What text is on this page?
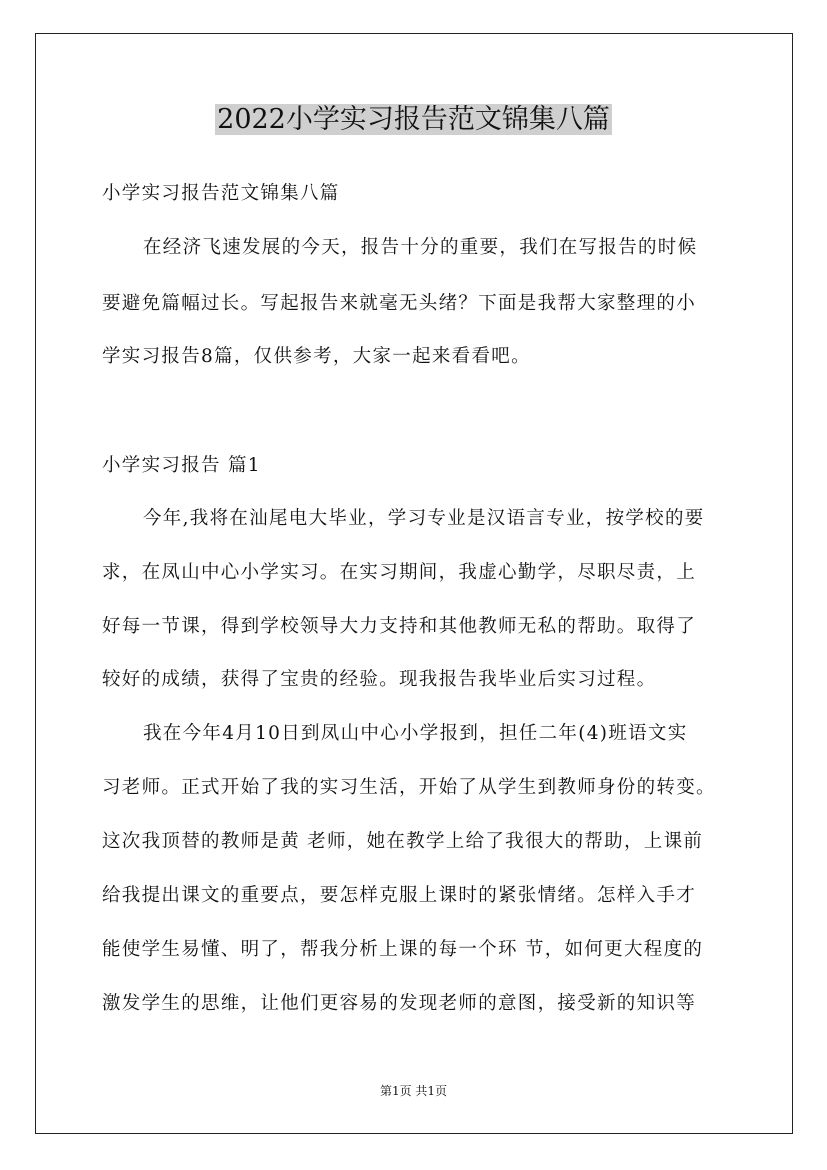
2022小学实习报告范文锦集八篇
小学实习报告范文锦集八篇
在经济飞速发展的今天，报告十分的重要，我们在写报告的时候
要避免篇幅过长。写起报告来就毫无头绪？下面是我帮大家整理的小
学实习报告8篇，仅供参考，大家一起来看看吧。
小学实习报告 篇1
今年,我将在汕尾电大毕业，学习专业是汉语言专业，按学校的要
求，在凤山中心小学实习。在实习期间，我虚心勤学，尽职尽责，上
好每一节课，得到学校领导大力支持和其他教师无私的帮助。取得了
较好的成绩，获得了宝贵的经验。现我报告我毕业后实习过程。
我在今年4月10日到凤山中心小学报到，担任二年(4)班语文实
习老师。正式开始了我的实习生活，开始了从学生到教师身份的转变。
这次我顶替的教师是黄 老师，她在教学上给了我很大的帮助，上课前
给我提出课文的重要点，要怎样克服上课时的紧张情绪。怎样入手才
能使学生易懂、明了，帮我分析上课的每一个环 节，如何更大程度的
激发学生的思维，让他们更容易的发现老师的意图，接受新的知识等
第1页 共1页
